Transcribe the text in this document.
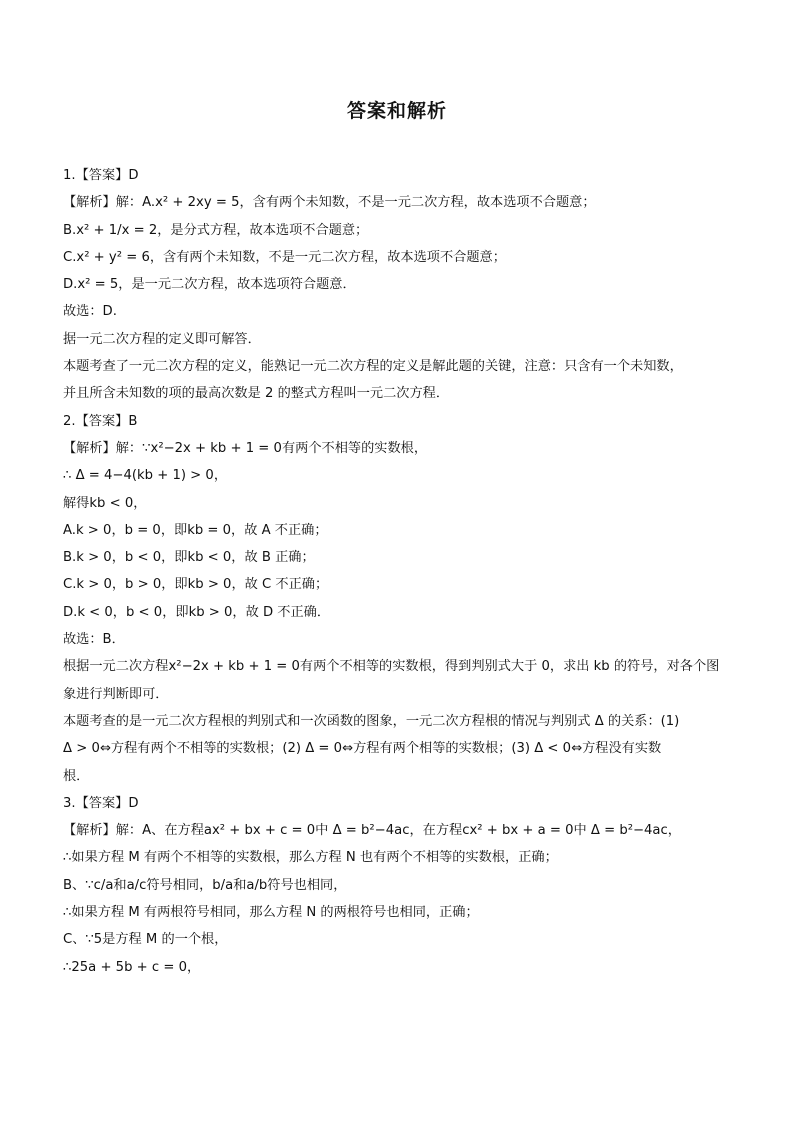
答案和解析
1.【答案】D
【解析】解：A.x² + 2xy = 5，含有两个未知数，不是一元二次方程，故本选项不合题意；
B.x² + 1/x = 2，是分式方程，故本选项不合题意；
C.x² + y² = 6，含有两个未知数，不是一元二次方程，故本选项不合题意；
D.x² = 5，是一元二次方程，故本选项符合题意．
故选：D.
据一元二次方程的定义即可解答．
本题考查了一元二次方程的定义，能熟记一元二次方程的定义是解此题的关键，注意：只含有一个未知数，
并且所含未知数的项的最高次数是 2 的整式方程叫一元二次方程．
2.【答案】B
【解析】解：∵x²−2x + kb + 1 = 0有两个不相等的实数根，
∴ Δ = 4−4(kb + 1) > 0，
解得kb < 0，
A.k > 0，b = 0，即kb = 0，故 A 不正确；
B.k > 0，b < 0，即kb < 0，故 B 正确；
C.k > 0，b > 0，即kb > 0，故 C 不正确；
D.k < 0，b < 0，即kb > 0，故 D 不正确．
故选：B．
根据一元二次方程x²−2x + kb + 1 = 0有两个不相等的实数根，得到判别式大于 0，求出 kb 的符号，对各个图
象进行判断即可．
本题考查的是一元二次方程根的判别式和一次函数的图象，一元二次方程根的情况与判别式 Δ 的关系：(1)
Δ > 0⇔方程有两个不相等的实数根；(2) Δ = 0⇔方程有两个相等的实数根；(3) Δ < 0⇔方程没有实数
根．
3.【答案】D
【解析】解：A、在方程ax² + bx + c = 0中 Δ = b²−4ac，在方程cx² + bx + a = 0中 Δ = b²−4ac，
∴如果方程 M 有两个不相等的实数根，那么方程 N 也有两个不相等的实数根，正确；
B、∵c/a和a/c符号相同，b/a和a/b符号也相同，
∴如果方程 M 有两根符号相同，那么方程 N 的两根符号也相同，正确；
C、∵5是方程 M 的一个根，
∴25a + 5b + c = 0，
